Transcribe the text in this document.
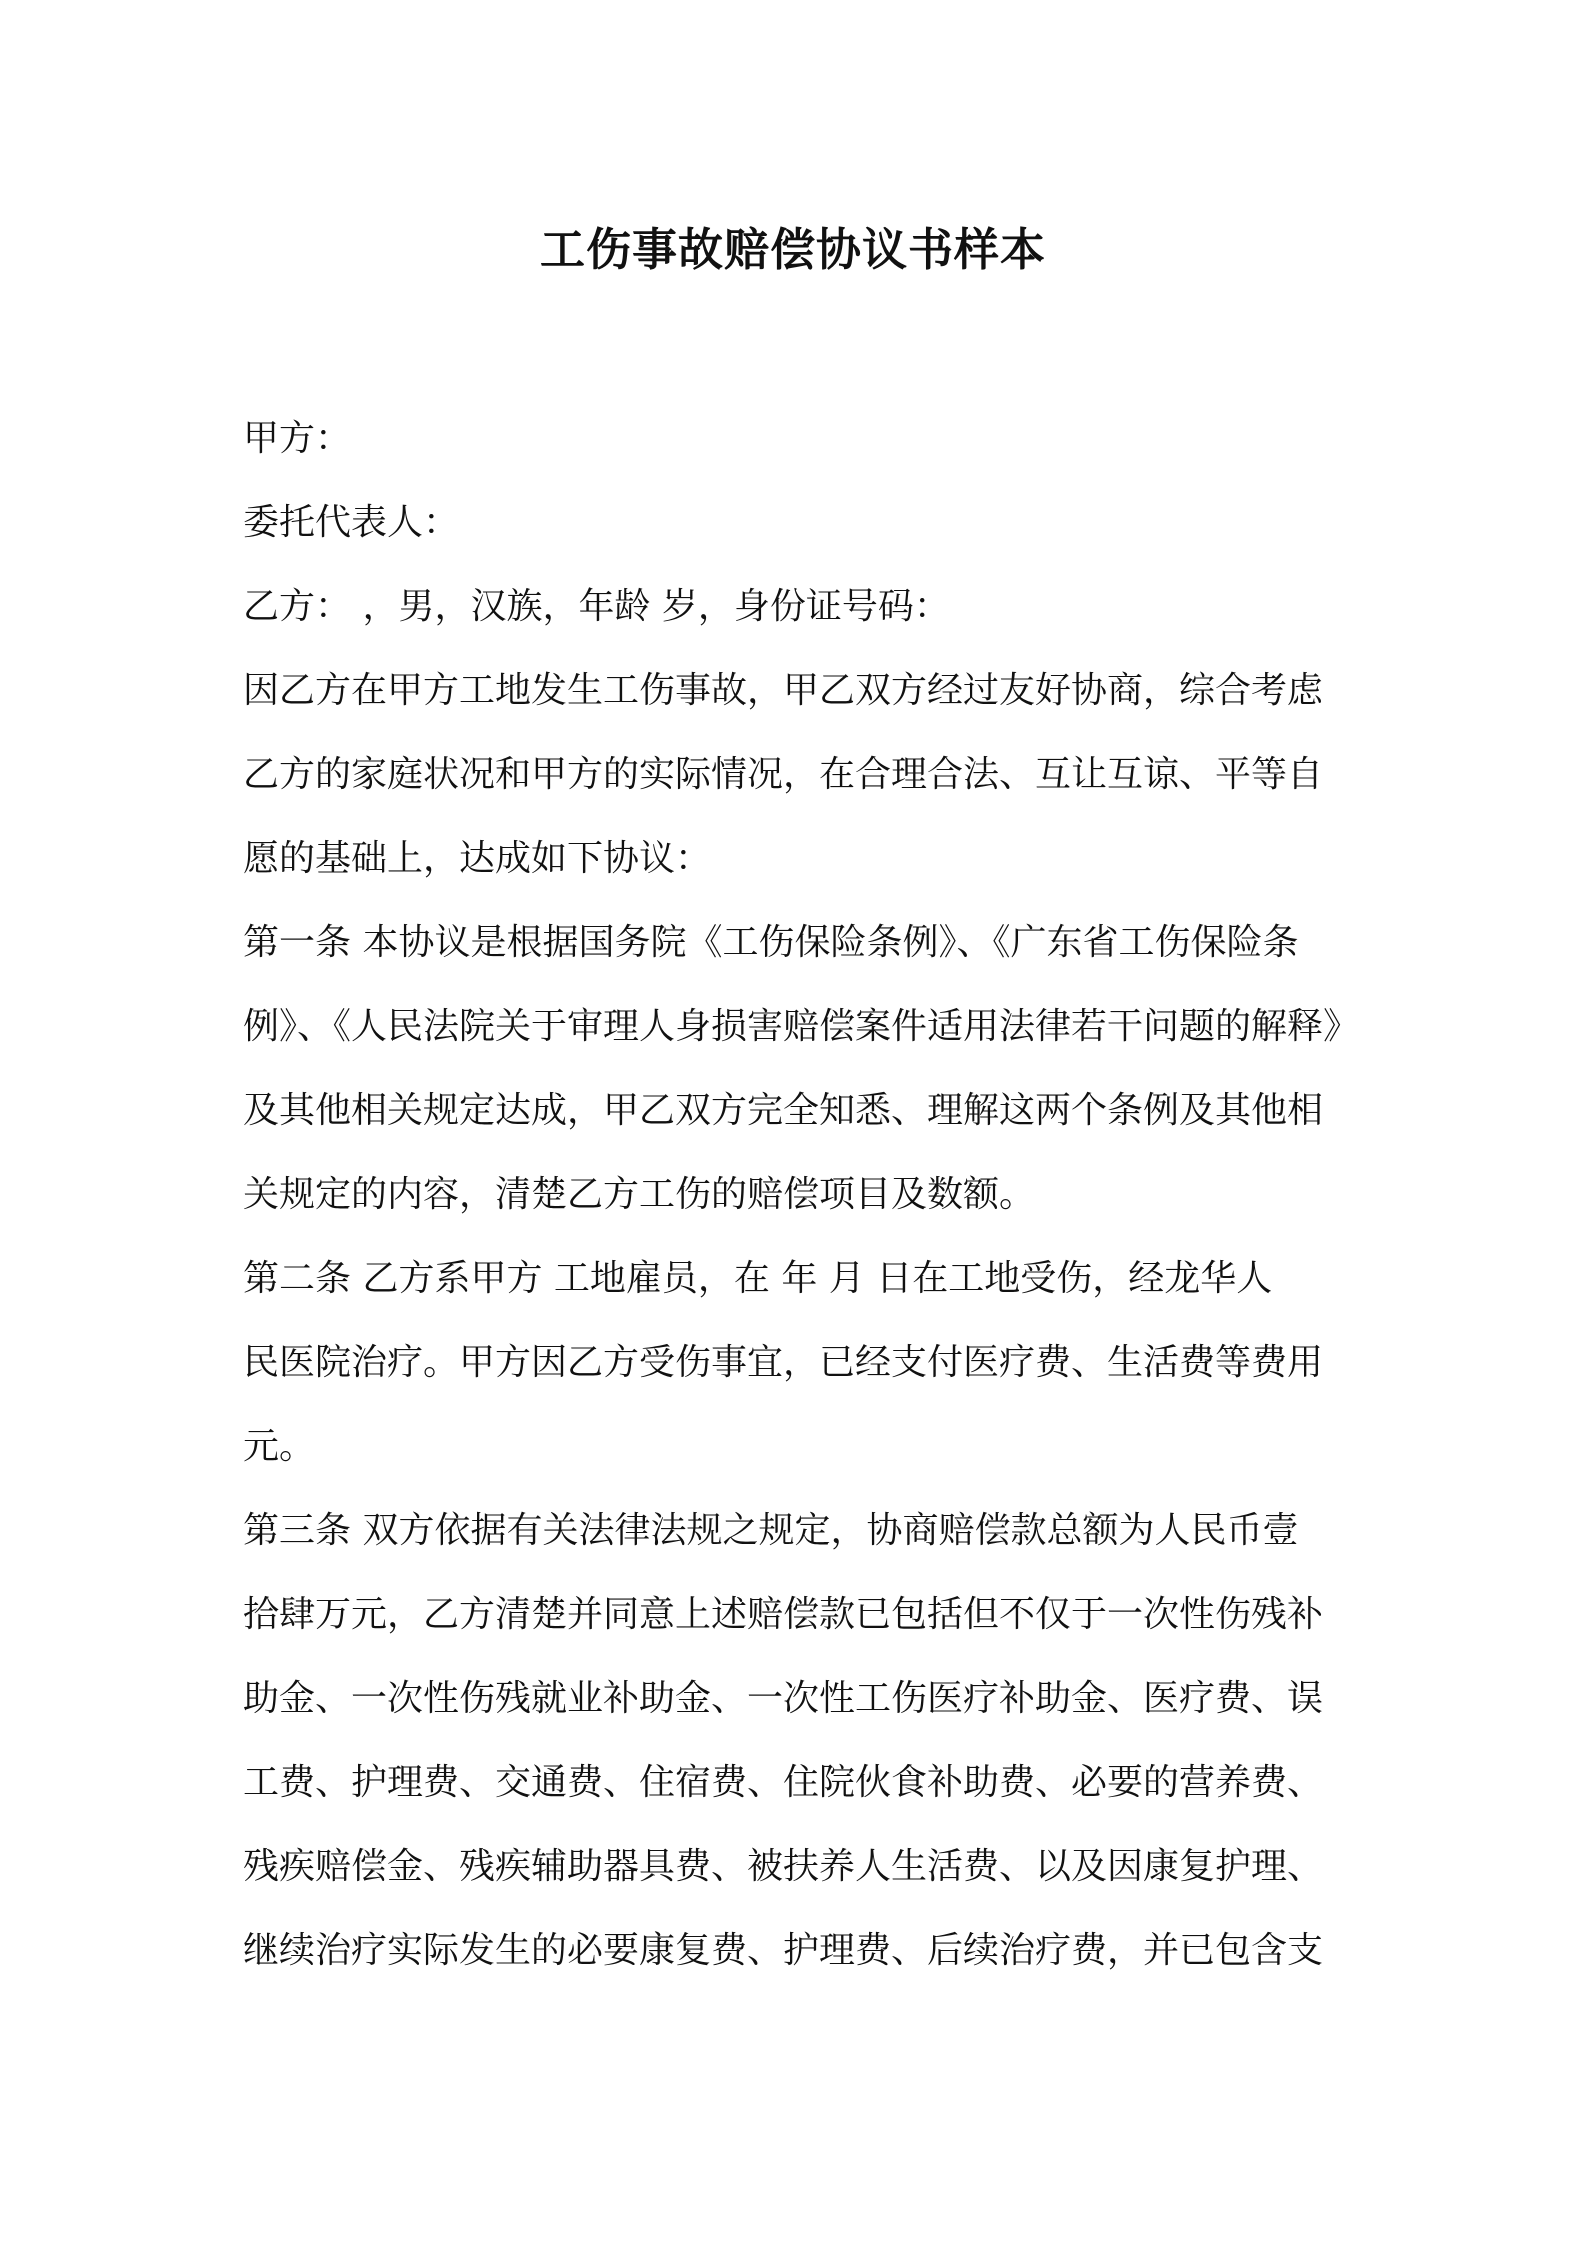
工伤事故赔偿协议书样本
甲方：
委托代表人：
乙方： ，男，汉族，年龄 岁，身份证号码：
因乙方在甲方工地发生工伤事故，甲乙双方经过友好协商，综合考虑
乙方的家庭状况和甲方的实际情况，在合理合法、互让互谅、平等自
愿的基础上，达成如下协议：
第一条 本协议是根据国务院《工伤保险条例》、《广东省工伤保险条
例》、《人民法院关于审理人身损害赔偿案件适用法律若干问题的解释》
及其他相关规定达成，甲乙双方完全知悉、理解这两个条例及其他相
关规定的内容，清楚乙方工伤的赔偿项目及数额。
第二条 乙方系甲方 工地雇员，在 年 月 日在工地受伤，经龙华人
民医院治疗。甲方因乙方受伤事宜，已经支付医疗费、生活费等费用
元。
第三条 双方依据有关法律法规之规定，协商赔偿款总额为人民币壹
拾肆万元，乙方清楚并同意上述赔偿款已包括但不仅于一次性伤残补
助金、一次性伤残就业补助金、一次性工伤医疗补助金、医疗费、误
工费、护理费、交通费、住宿费、住院伙食补助费、必要的营养费、
残疾赔偿金、残疾辅助器具费、被扶养人生活费、以及因康复护理、
继续治疗实际发生的必要康复费、护理费、后续治疗费，并已包含支
